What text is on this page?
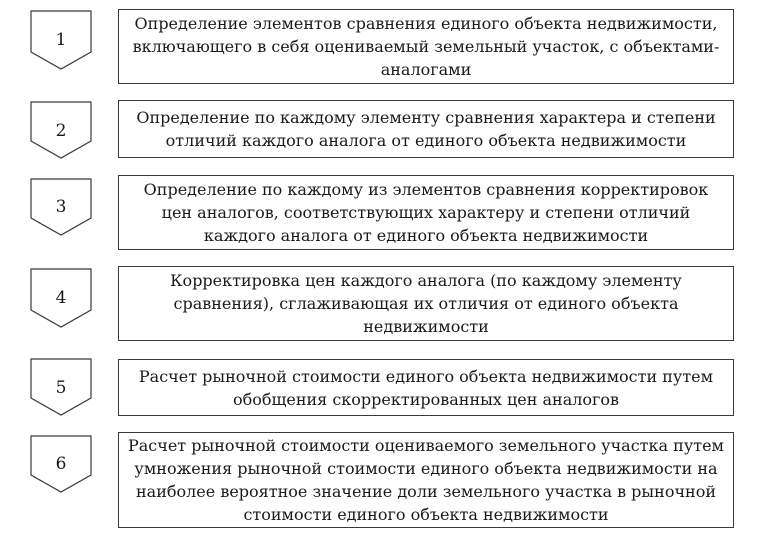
1
Определение элементов сравнения единого объекта недвижимости, включающего в себя оцениваемый земельный участок, с объектами-аналогами
2
Определение по каждому элементу сравнения характера и степени отличий каждого аналога от единого объекта недвижимости
3
Определение по каждому из элементов сравнения корректировок цен аналогов, соответствующих характеру и степени отличий каждого аналога от единого объекта недвижимости
4
Корректировка цен каждого аналога (по каждому элементу сравнения), сглаживающая их отличия от единого объекта недвижимости
5
Расчет рыночной стоимости единого объекта недвижимости путем обобщения скорректированных цен аналогов
6
Расчет рыночной стоимости оцениваемого земельного участка путем умножения рыночной стоимости единого объекта недвижимости на наиболее вероятное значение доли земельного участка в рыночной стоимости единого объекта недвижимости
